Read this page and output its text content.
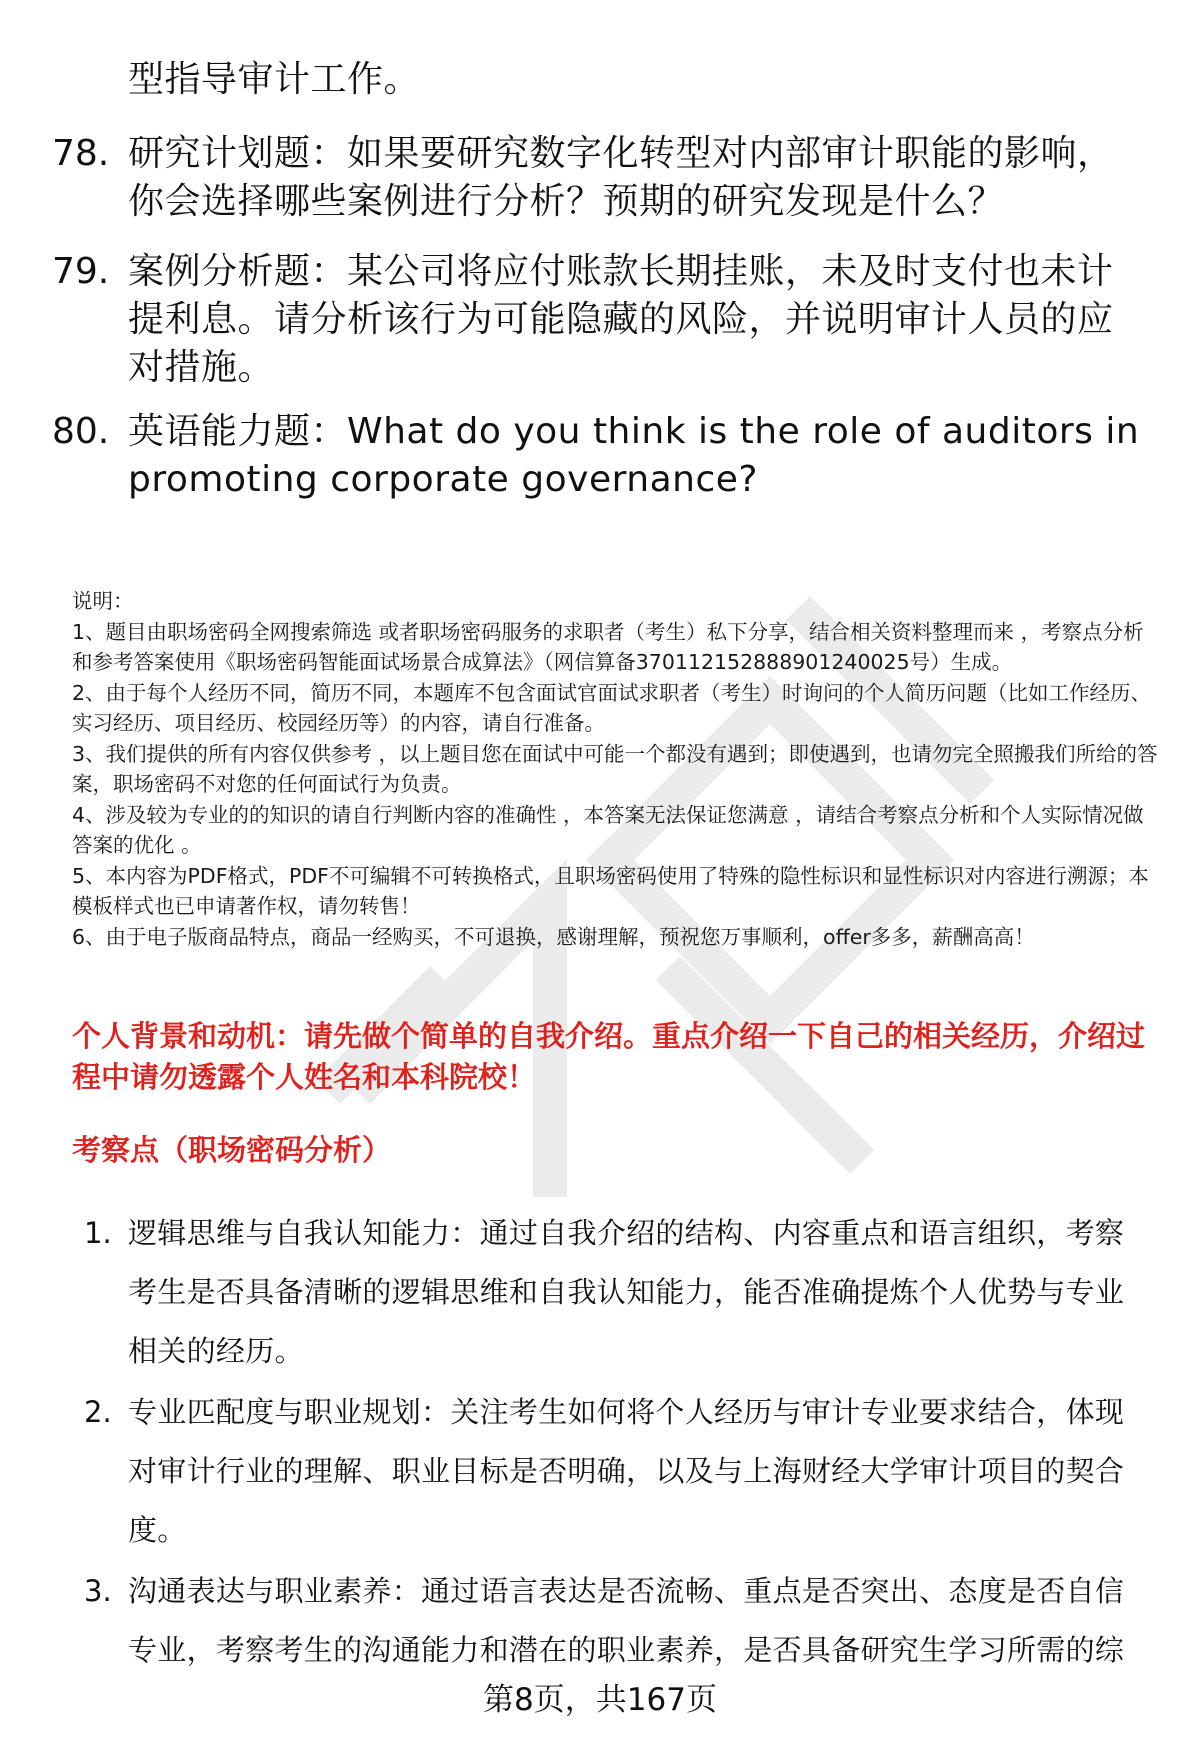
型指导审计工作。
78. 研究计划题：如果要研究数字化转型对内部审计职能的影响，你会选择哪些案例进行分析？预期的研究发现是什么？
79. 案例分析题：某公司将应付账款长期挂账，未及时支付也未计提利息。请分析该行为可能隐藏的风险，并说明审计人员的应对措施。
80. 英语能力题：What do you think is the role of auditors in promoting corporate governance?

说明：

1、题目由职场密码全网搜索筛选 或者职场密码服务的求职者（考生）私下分享，结合相关资料整理而来 ，考察点分析和参考答案使用《职场密码智能面试场景合成算法》（网信算备370112152888901240025号）生成。

2、由于每个人经历不同，简历不同，本题库不包含面试官面试求职者（考生）时询问的个人简历问题（比如工作经历、实习经历、项目经历、校园经历等）的内容，请自行准备。

3、我们提供的所有内容仅供参考 ，以上题目您在面试中可能一个都没有遇到；即使遇到，也请勿完全照搬我们所给的答案，职场密码不对您的任何面试行为负责。

4、涉及较为专业的的知识的请自行判断内容的准确性 ，本答案无法保证您满意 ，请结合考察点分析和个人实际情况做答案的优化 。

5、本内容为PDF格式，PDF不可编辑不可转换格式，且职场密码使用了特殊的隐性标识和显性标识对内容进行溯源；本模板样式也已申请著作权，请勿转售！

6、由于电子版商品特点，商品一经购买，不可退换，感谢理解，预祝您万事顺利，offer多多，薪酬高高！

个人背景和动机：请先做个简单的自我介绍。重点介绍一下自己的相关经历，介绍过程中请勿透露个人姓名和本科院校！
考察点（职场密码分析）
1. 逻辑思维与自我认知能力：通过自我介绍的结构、内容重点和语言组织，考察考生是否具备清晰的逻辑思维和自我认知能力，能否准确提炼个人优势与专业相关的经历。
2. 专业匹配度与职业规划：关注考生如何将个人经历与审计专业要求结合，体现对审计行业的理解、职业目标是否明确，以及与上海财经大学审计项目的契合度。
3. 沟通表达与职业素养：通过语言表达是否流畅、重点是否突出、态度是否自信专业，考察考生的沟通能力和潜在的职业素养，是否具备研究生学习所需的综
第8页，共167页
